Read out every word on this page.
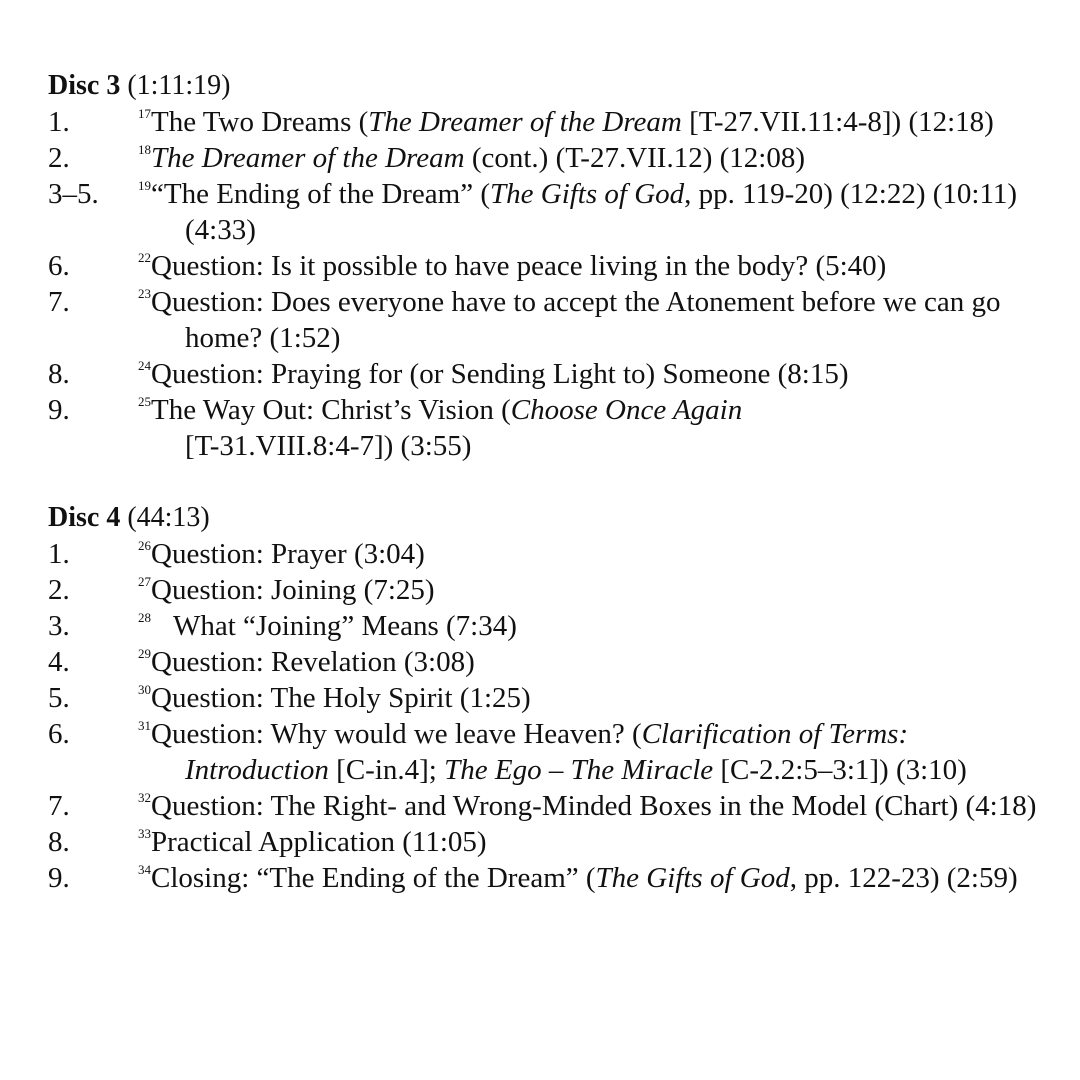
Disc 3 (1:11:19)
1.	$^{17}$The Two Dreams (The Dreamer of the Dream [T-27.VII.11:4-8]) (12:18)
2.	$^{18}$The Dreamer of the Dream (cont.) (T-27.VII.12) (12:08)
3–5.	$^{19}$“The Ending of the Dream” (The Gifts of God, pp. 119-20) (12:22) (10:11)(4:33)
6.	$^{22}$Question: Is it possible to have peace living in the body? (5:40)
7.	$^{23}$Question: Does everyone have to accept the Atonement before we can go home? (1:52)
8.	$^{24}$Question: Praying for (or Sending Light to) Someone (8:15)
9.	$^{25}$The Way Out: Christ’s Vision (Choose Once Again
[T-31.VIII.8:4-7]) (3:55)
Disc 4 (44:13)
1.	$^{26}$Question: Prayer (3:04)
2.	$^{27}$Question: Joining (7:25)
3.	$^{28}$ What “Joining” Means (7:34)
4.	$^{29}$Question: Revelation (3:08)
5.	$^{30}$Question: The Holy Spirit (1:25)
6.	$^{31}$Question: Why would we leave Heaven? (Clarification of Terms:
Introduction [C-in.4]; The Ego – The Miracle [C-2.2:5–3:1]) (3:10)
7.	$^{32}$Question: The Right- and Wrong-Minded Boxes in the Model (Chart) (4:18)
8.	$^{33}$Practical Application (11:05)
9.	$^{34}$Closing: “The Ending of the Dream” (The Gifts of God, pp. 122-23) (2:59)
